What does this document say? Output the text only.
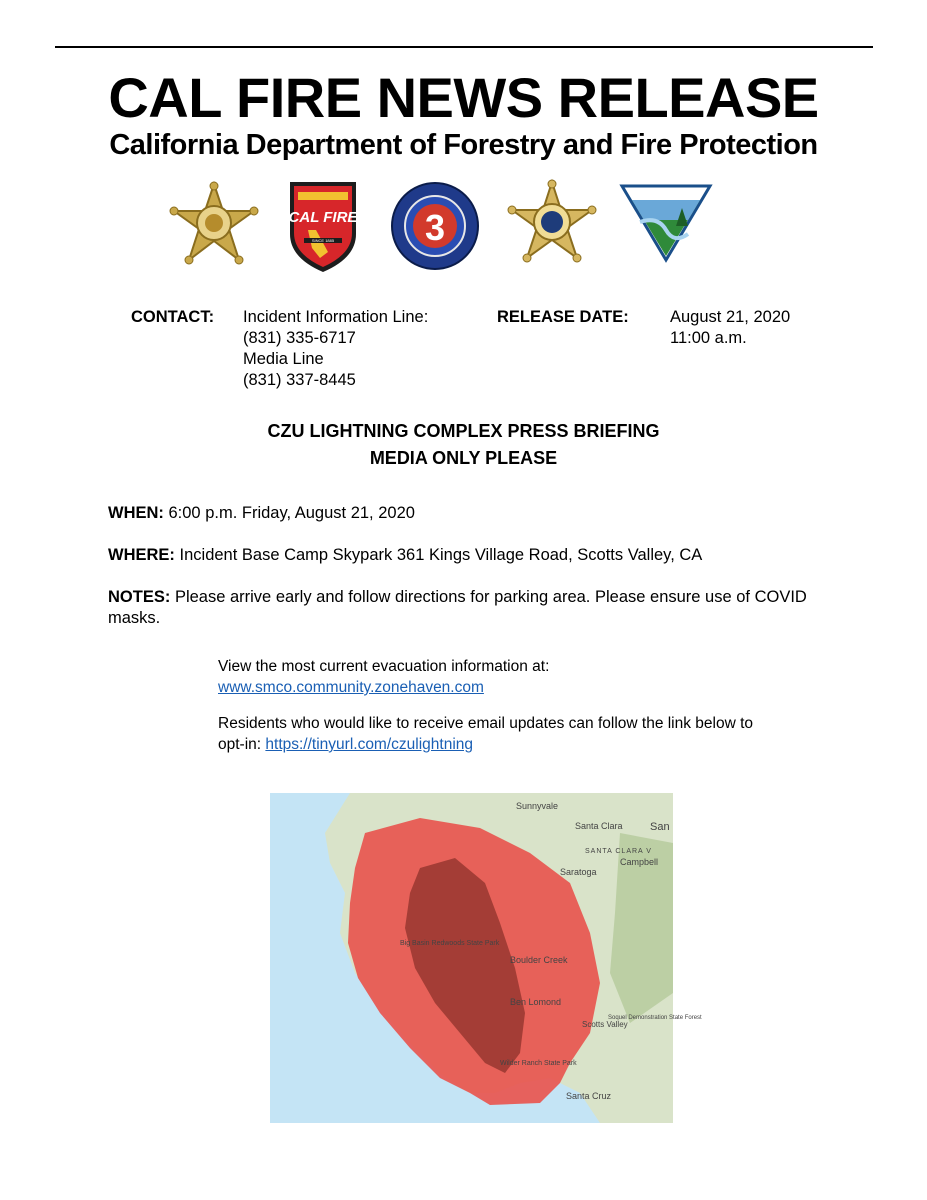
CAL FIRE NEWS RELEASE
California Department of Forestry and Fire Protection
CAL FIRE
SINCE 1885	3
CONTACT: Incident Information Line:
(831) 335-6717
Media Line
(831) 337-8445
RELEASE DATE:	August 21, 2020
11:00 a.m.
CZU LIGHTNING COMPLEX PRESS BRIEFING
MEDIA ONLY PLEASE
WHEN: 6:00 p.m. Friday, August 21, 2020
WHERE: Incident Base Camp Skypark 361 Kings Village Road, Scotts Valley, CA
NOTES: Please arrive early and follow directions for parking area. Please ensure use of COVID masks.
View the most current evacuation information at:
www.smco.community.zonehaven.com
Residents who would like to receive email updates can follow the link below to
opt-in: https://tinyurl.com/czulightning
Sunnyvale
Santa Clara San
SANTA CLARA V
Campbell
Saratoga
Boulder Creek
Ben Lomond
Scotts Valley
Big Basin Redwoods State Park
Wilder Ranch State Park
Santa Cruz
Soquel Demonstration State Forest
